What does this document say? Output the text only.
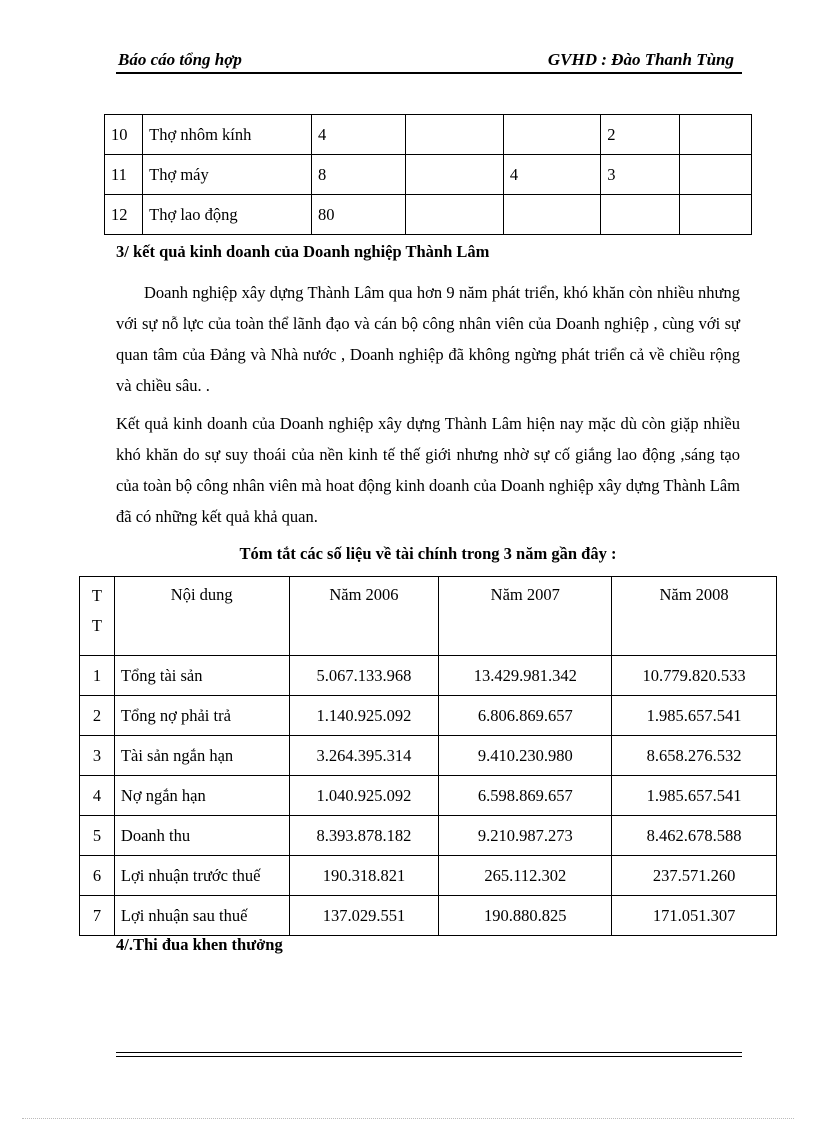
Báo cáo tổng hợp	GVHD : Đào Thanh Tùng
10	Thợ nhôm kính	4			2	
11	Thợ máy	8		4	3	
12	Thợ lao động	80				
3/ kết quả kinh doanh của Doanh nghiệp Thành Lâm
Doanh nghiệp xây dựng Thành Lâm qua hơn 9 năm phát triển, khó khăn còn nhiều nhưng với sự nỗ lực của toàn thể lãnh đạo và cán bộ công nhân viên của Doanh nghiệp , cùng với sự quan tâm của Đảng và Nhà nước , Doanh nghiệp đã không ngừng phát triển cả về chiều rộng và chiều sâu. .
Kết quả kinh doanh của Doanh nghiệp xây dựng Thành Lâm hiện nay mặc dù còn giặp nhiều khó khăn do sự suy thoái của nền kinh tế thế giới nhưng nhờ sự cố giắng lao động ,sáng tạo của toàn bộ công nhân viên mà hoat động kinh doanh của Doanh nghiệp xây dựng Thành Lâm đã có những kết quả khả quan.
Tóm tắt các số liệu về tài chính trong 3 năm gần đây :
T
T	Nội dung	Năm 2006	Năm 2007	Năm 2008
1	Tổng tài sản	5.067.133.968	13.429.981.342	10.779.820.533
2	Tổng nợ phải trả	1.140.925.092	6.806.869.657	1.985.657.541
3	Tài sản ngắn hạn	3.264.395.314	9.410.230.980	8.658.276.532
4	Nợ ngắn hạn	1.040.925.092	6.598.869.657	1.985.657.541
5	Doanh thu	8.393.878.182	9.210.987.273	8.462.678.588
6	Lợi nhuận trước thuế	190.318.821	265.112.302	237.571.260
7	Lợi nhuận sau thuế	137.029.551	190.880.825	171.051.307
4/.Thi đua khen thưởng
